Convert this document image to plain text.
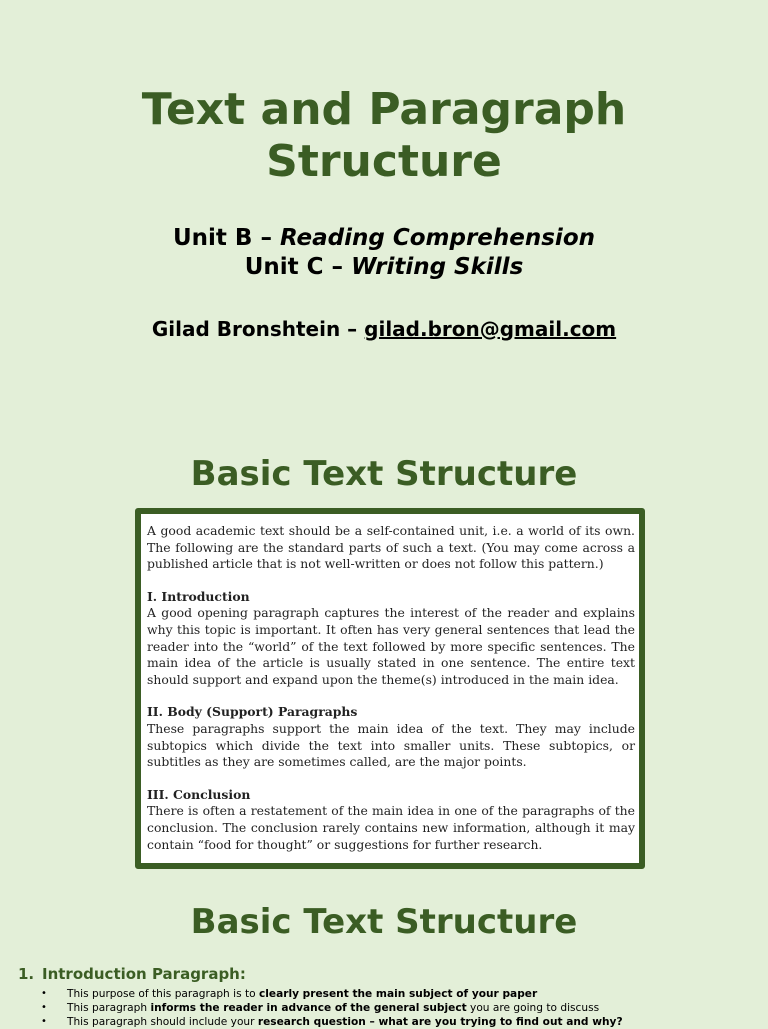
Text and Paragraph
Structure
Unit B – Reading Comprehension
Unit C – Writing Skills
Gilad Bronshtein – gilad.bron@gmail.com
Basic Text Structure

A good academic text should be a self-contained unit, i.e. a world of its own. The following are the standard parts of such a text. (You may come across a published article that is not well-written or does not follow this pattern.)

I. Introduction
A good opening paragraph captures the interest of the reader and explains why this topic is important. It often has very general sentences that lead the reader into the “world” of the text followed by more specific sentences. The main idea of the article is usually stated in one sentence. The entire text should support and expand upon the theme(s) introduced in the main idea.

II. Body (Support) Paragraphs
These paragraphs support the main idea of the text. They may include subtopics which divide the text into smaller units. These subtopics, or subtitles as they are sometimes called, are the major points.

III. Conclusion
There is often a restatement of the main idea in one of the paragraphs of the conclusion. The conclusion rarely contains new information, although it may contain “food for thought” or suggestions for further research.

Basic Text Structure
1. Introduction Paragraph:
• This purpose of this paragraph is to clearly present the main subject of your paper
• This paragraph informs the reader in advance of the general subject you are going to discuss
• This paragraph should include your research question – what are you trying to find out and why?
